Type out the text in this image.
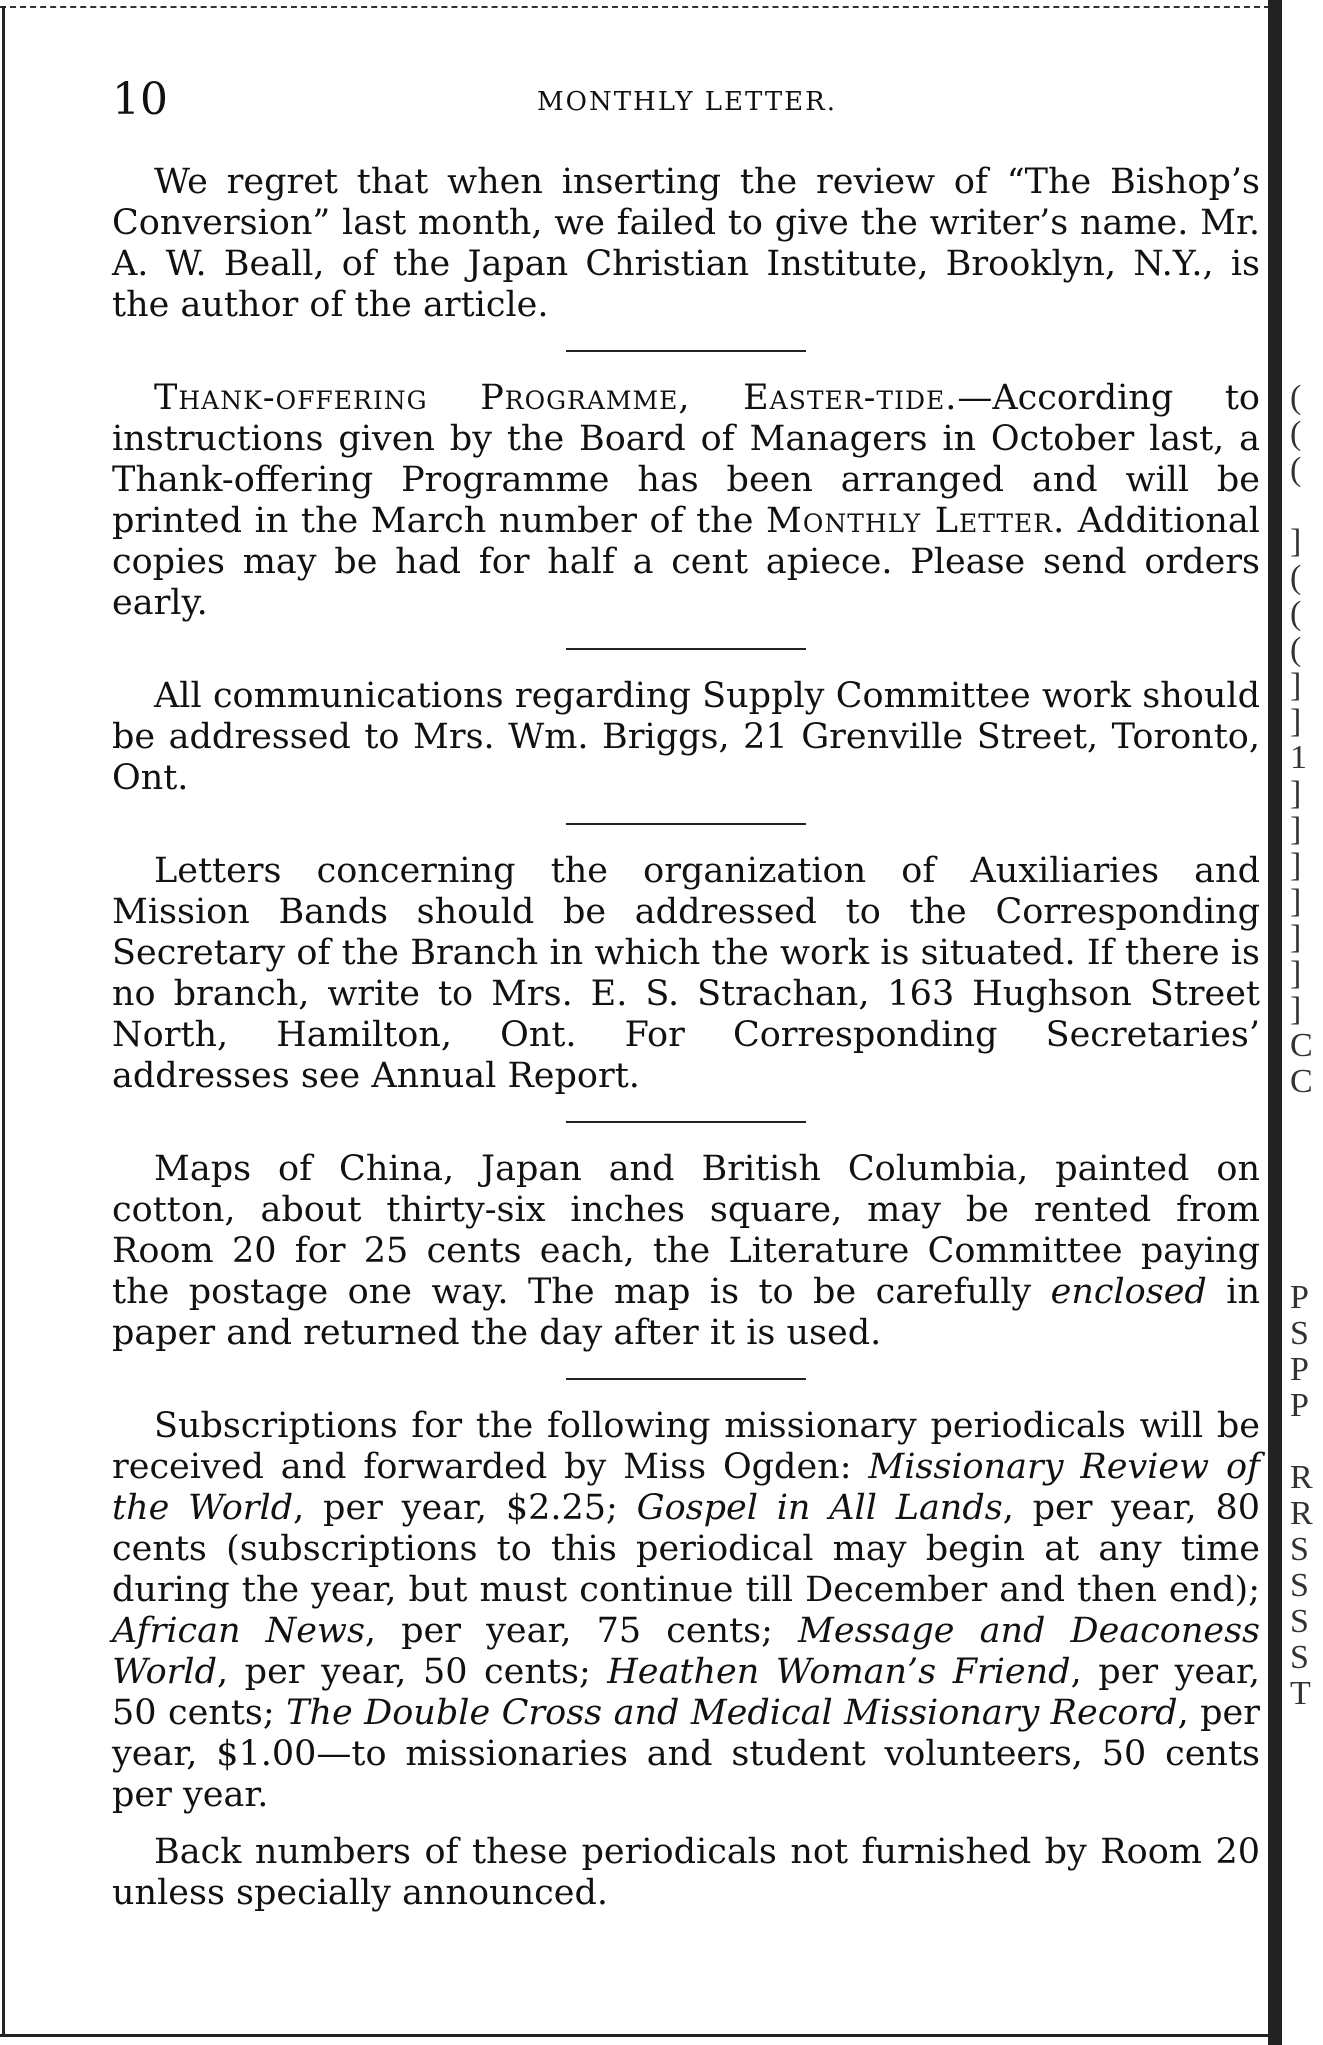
(
(
(

]
(
(
(
]
]
1
]
]
]
]
]
]
]
C
C

P
S
P
P

R
R
S
S
S
S
T
10	MONTHLY LETTER.

We regret that when inserting the review of “The Bishop’s Conversion” last month, we failed to give the writer’s name. Mr. A. W. Beall, of the Japan Christian Institute, Brooklyn, N.Y., is the author of the article.

Thank-offering Programme, Easter-tide.—According to instructions given by the Board of Managers in October last, a Thank-offering Programme has been arranged and will be printed in the March number of the Monthly Letter. Additional copies may be had for half a cent apiece. Please send orders early.

All communications regarding Supply Committee work should be addressed to Mrs. Wm. Briggs, 21 Grenville Street, Toronto, Ont.

Letters concerning the organization of Auxiliaries and Mission Bands should be addressed to the Corresponding Secretary of the Branch in which the work is situated. If there is no branch, write to Mrs. E. S. Strachan, 163 Hughson Street North, Hamilton, Ont. For Corresponding Secretaries’ addresses see Annual Report.

Maps of China, Japan and British Columbia, painted on cotton, about thirty-six inches square, may be rented from Room 20 for 25 cents each, the Literature Committee paying the postage one way. The map is to be carefully enclosed in paper and returned the day after it is used.

Subscriptions for the following missionary periodicals will be received and forwarded by Miss Ogden: Missionary Review of the World, per year, $2.25; Gospel in All Lands, per year, 80 cents (subscriptions to this periodical may begin at any time during the year, but must continue till December and then end); African News, per year, 75 cents; Message and Deaconess World, per year, 50 cents; Heathen Woman’s Friend, per year, 50 cents; The Double Cross and Medical Missionary Record, per year, $1.00—to missionaries and student volunteers, 50 cents per year.

Back numbers of these periodicals not furnished by Room 20 unless specially announced.
